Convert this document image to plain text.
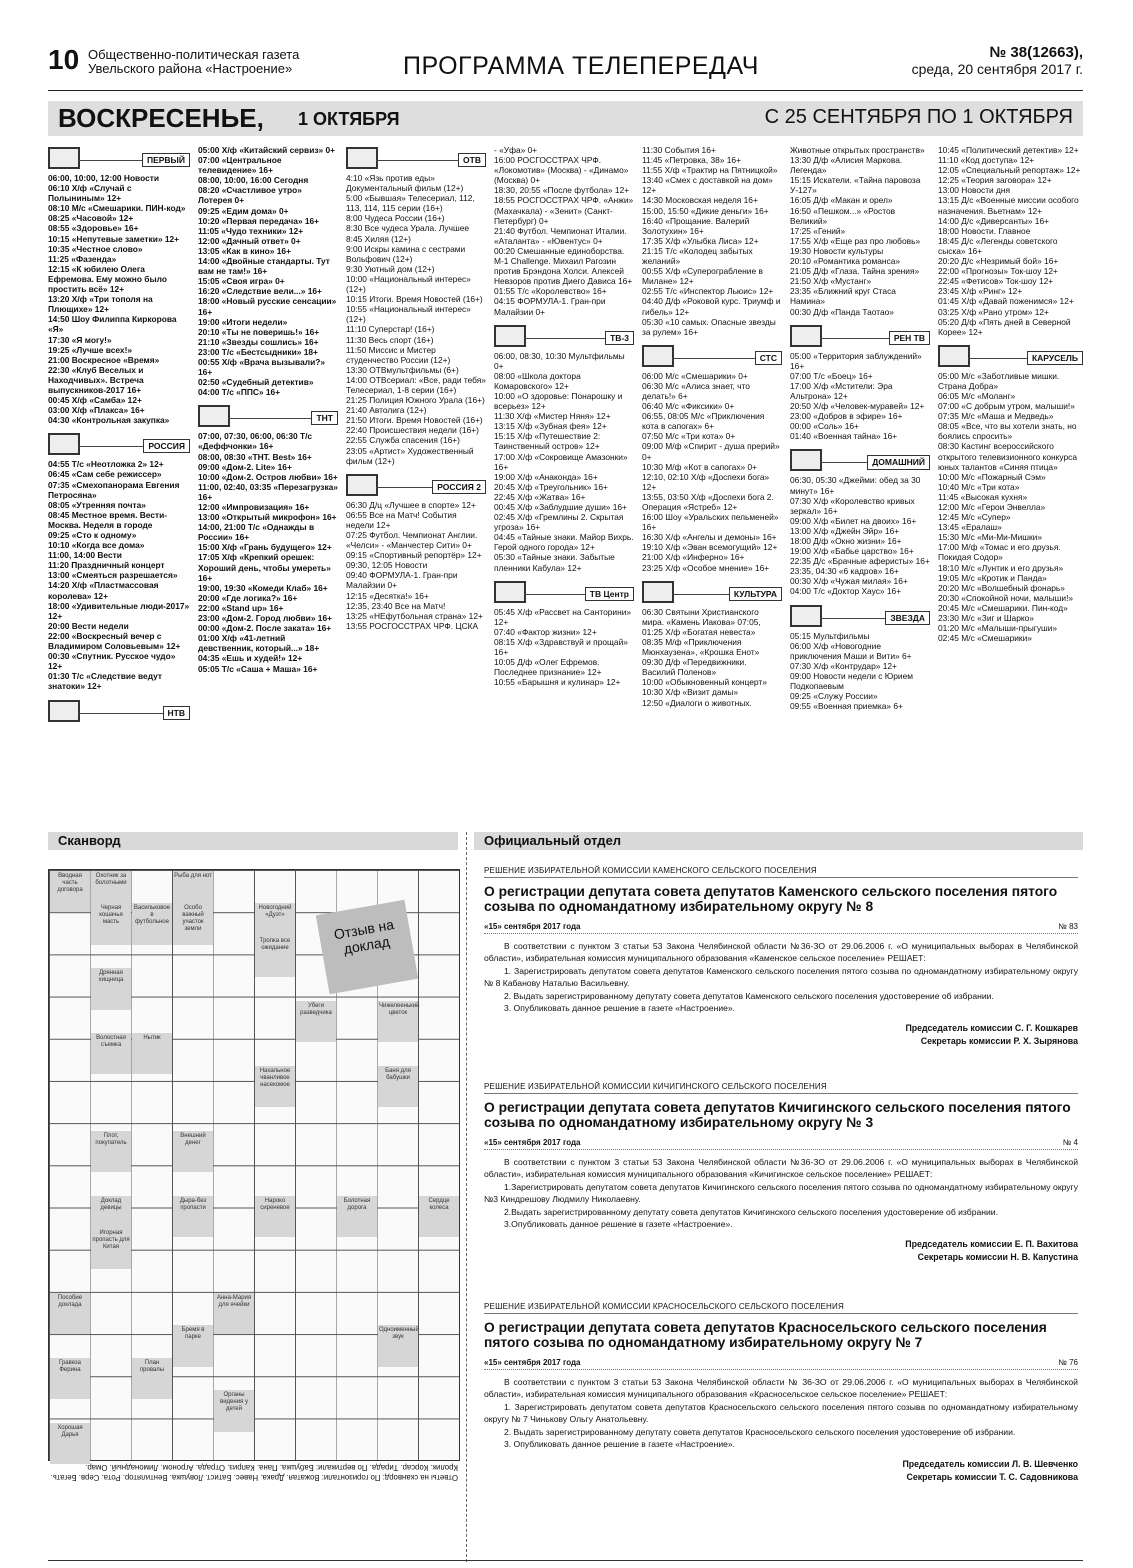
10 Общественно-политическая газета
Увельского района «Настроение»	ПРОГРАММА ТЕЛЕПЕРЕДАЧ	№ 38(12663),
среда, 20 сентября 2017 г.
ВОСКРЕСЕНЬЕ, 1 ОКТЯБРЯ	С 25 СЕНТЯБРЯ ПО 1 ОКТЯБРЯ
ПЕРВЫЙ
06:00, 10:00, 12:00 Новости
06:10 Х/ф «Случай с Полыниным» 12+
08:10 М/с «Смешарики. ПИН-код»
08:25 «Часовой» 12+
08:55 «Здоровье» 16+
10:15 «Непутевые заметки» 12+
10:35 «Честное слово»
11:25 «Фазенда»
12:15 «К юбилею Олега Ефремова. Ему можно было простить всё» 12+
13:20 Х/ф «Три тополя на Плющихе» 12+
14:50 Шоу Филиппа Киркорова «Я»
17:30 «Я могу!»
19:25 «Лучше всех!»
21:00 Воскресное «Время»
22:30 «Клуб Веселых и Находчивых». Встреча выпускников-2017 16+
00:45 Х/ф «Самба» 12+
03:00 Х/ф «Плакса» 16+
04:30 «Контрольная закупка»
РОССИЯ
04:55 Т/с «Неотложка 2» 12+
06:45 «Сам себе режиссер»
07:35 «Смехопанорама Евгения Петросяна»
08:05 «Утренняя почта»
08:45 Местное время. Вести-Москва. Неделя в городе
09:25 «Сто к одному»
10:10 «Когда все дома»
11:00, 14:00 Вести
11:20 Праздничный концерт
13:00 «Смеяться разрешается»
14:20 Х/ф «Пластмассовая королева» 12+
18:00 «Удивительные люди-2017» 12+
20:00 Вести недели
22:00 «Воскресный вечер с Владимиром Соловьевым» 12+
00:30 «Спутник. Русское чудо» 12+
01:30 Т/с «Следствие ведут знатоки» 12+
НТВ
05:00 Х/ф «Китайский сервиз» 0+
07:00 «Центральное телевидение» 16+
08:00, 10:00, 16:00 Сегодня
08:20 «Счастливое утро» Лотерея 0+
09:25 «Едим дома» 0+
10:20 «Первая передача» 16+
11:05 «Чудо техники» 12+
12:00 «Дачный ответ» 0+
13:05 «Как в кино» 16+
14:00 «Двойные стандарты. Тут вам не там!» 16+
15:05 «Своя игра» 0+
16:20 «Следствие вели...» 16+
18:00 «Новый русские сенсации» 16+
19:00 «Итоги недели»
20:10 «Ты не поверишь!» 16+
21:10 «Звезды сошлись» 16+
23:00 Т/с «Бестсыдники» 18+
00:55 Х/ф «Врача вызывали?» 16+
02:50 «Судебный детектив»
04:00 Т/с «ППС» 16+
ТНТ
07:00, 07:30, 06:00, 06:30 Т/с «Деффчонки» 16+
08:00, 08:30 «ТНТ. Best» 16+
09:00 «Дом-2. Lite» 16+
10:00 «Дом-2. Остров любви» 16+
11:00, 02:40, 03:35 «Перезагрузка» 16+
12:00 «Импровизация» 16+
13:00 «Открытый микрофон» 16+
14:00, 21:00 Т/с «Однажды в России» 16+
15:00 Х/ф «Грань будущего» 12+
17:05 Х/ф «Крепкий орешек: Хороший день, чтобы умереть» 16+
19:00, 19:30 «Комеди Клаб» 16+
20:00 «Где логика?» 16+
22:00 «Stand up» 16+
23:00 «Дом-2. Город любви» 16+
00:00 «Дом-2. После заката» 16+
01:00 Х/ф «41-летний девственник, который...» 18+
04:35 «Ешь и худей!» 12+
05:05 Т/с «Саша + Маша» 16+
ОТВ
4:10 «Язь против еды» Документальный фильм (12+)
5:00 «Бывшая» Телесериал, 112, 113, 114, 115 серии (16+)
8:00 Чудеса России (16+)
8:30 Все чудеса Урала. Лучшее
8:45 Хиляя (12+)
9:00 Искры камина с сестрами Вольфович (12+)
9:30 Уютный дом (12+)
10:00 «Национальный интерес» (12+)
10:15 Итоги. Время Новостей (16+)
10:55 «Национальный интерес» (12+)
11:10 Суперстар! (16+)
11:30 Весь спорт (16+)
11:50 Миссис и Мистер студенчество России (12+)
13:30 ОТВмультфильмы (6+)
14:00 ОТВсериал: «Все, ради тебя» Телесериал, 1-8 серии (16+)
21:25 Полиция Южного Урала (16+)
21:40 Автолига (12+)
21:50 Итоги. Время Новостей (16+)
22:40 Происшествия недели (16+)
22:55 Служба спасения (16+)
23:05 «Артист» Художественный фильм (12+)
РОССИЯ 2
06:30 Д/ц «Лучшее в спорте» 12+
06:55 Все на Матч! События недели 12+
07:25 Футбол. Чемпионат Англии. «Челси» - «Манчестер Сити» 0+
09:15 «Спортивный репортёр» 12+
09:30, 12:05 Новости
09:40 ФОРМУЛА-1. Гран-при Малайзии 0+
12:15 «Десятка!» 16+
12:35, 23:40 Все на Матч!
13:25 «НЕфутбольная страна» 12+
13:55 РОСГОССТРАХ ЧРФ. ЦСКА
- «Уфа» 0+
16:00 РОСГОССТРАХ ЧРФ. «Локомотив» (Москва) - «Динамо» (Москва) 0+
18:30, 20:55 «После футбола» 12+
18:55 РОСГОССТРАХ ЧРФ. «Анжи» (Махачкала) - «Зенит» (Санкт-Петербург) 0+
21:40 Футбол. Чемпионат Италии. «Аталанта» - «Ювентус» 0+
00:20 Смешанные единоборства. М-1 Challenge. Михаил Рагозин против Брэндона Холси. Алексей Невзоров против Диего Дависа 16+
01:55 Т/с «Королевство» 16+
04:15 ФОРМУЛА-1. Гран-при Малайзии 0+
ТВ-3
06:00, 08:30, 10:30 Мультфильмы 0+
08:00 «Школа доктора Комаровского» 12+
10:00 «О здоровье: Понарошку и всерьез» 12+
11:30 Х/ф «Мистер Няня» 12+
13:15 Х/ф «Зубная фея» 12+
15:15 Х/ф «Путешествие 2: Таинственный остров» 12+
17:00 Х/ф «Сокровище Амазонки» 16+
19:00 Х/ф «Анаконда» 16+
20:45 Х/ф «Треугольник» 16+
22:45 Х/ф «Жатва» 16+
00:45 Х/ф «Заблудшие души» 16+
02:45 Х/ф «Гремлины 2. Скрытая угроза» 16+
04:45 «Тайные знаки. Майор Вихрь. Герой одного города» 12+
05:30 «Тайные знаки. Забытые пленники Кабула» 12+
ТВ Центр
05:45 Х/ф «Рассвет на Санторини» 12+
07:40 «Фактор жизни» 12+
08:15 Х/ф «Здравствуй и прощай» 16+
10:05 Д/ф «Олег Ефремов. Последнее признание» 12+
10:55 «Барышня и кулинар» 12+
11:30 События 16+
11:45 «Петровка, 38» 16+
11:55 Х/ф «Трактир на Пятницкой»
13:40 «Смех с доставкой на дом» 12+
14:30 Московская неделя 16+
15:00, 15:50 «Дикие деньги» 16+
16:40 «Прощание. Валерий Золотухин» 16+
17:35 Х/ф «Улыбка Лиса» 12+
21:15 Т/с «Колодец забытых желаний»
00:55 Х/ф «Суперограбление в Милане» 12+
02:55 Т/с «Инспектор Льюис» 12+
04:40 Д/ф «Роковой курс. Триумф и гибель» 12+
05:30 «10 самых. Опасные звезды за рулем» 16+
СТС
06:00 М/с «Смешарики» 0+
06:30 М/с «Алиса знает, что делать!» 6+
06:40 М/с «Фиксики» 0+
06:55, 08:05 М/с «Приключения кота в сапогах» 6+
07:50 М/с «Три кота» 0+
09:00 М/ф «Спирит - душа прерий» 0+
10:30 М/ф «Кот в сапогах» 0+
12:10, 02:10 Х/ф «Доспехи бога» 12+
13:55, 03:50 Х/ф «Доспехи бога 2. Операция «Ястреб» 12+
16:00 Шоу «Уральских пельменей» 16+
16:30 Х/ф «Ангелы и демоны» 16+
19:10 Х/ф «Эван всемогущий» 12+
21:00 Х/ф «Инферно» 16+
23:25 Х/ф «Особое мнение» 16+
КУЛЬТУРА
06:30 Святыни Христианского мира. «Камень Иакова» 07:05, 01:25 Х/ф «Богатая невеста»
08:35 М/ф «Приключения Мюнхаузена», «Крошка Енот»
09:30 Д/ф «Передвижники. Василий Поленов»
10:00 «Обыкновенный концерт»
10:30 Х/ф «Визит дамы»
12:50 «Диалоги о животных.
Животные открытых пространств»
13:30 Д/ф «Алисия Маркова. Легенда»
15:15 Искатели. «Тайна паровоза У-127»
16:05 Д/ф «Макан и орел»
16:50 «Пешком...» «Ростов Великий»
17:25 «Гений»
17:55 Х/ф «Еще раз про любовь»
19:30 Новости культуры
20:10 «Романтика романса»
21:05 Д/ф «Глаза. Тайна зрения»
21:50 Х/ф «Мустанг»
23:35 «Ближний круг Стаса Намина»
00:30 Д/ф «Панда Таотао»
РЕН ТВ
05:00 «Территория заблуждений» 16+
07:00 Т/с «Боец» 16+
17:00 Х/ф «Мстители: Эра Альтрона» 12+
20:50 Х/ф «Человек-муравей» 12+
23:00 «Добров в эфире» 16+
00:00 «Соль» 16+
01:40 «Военная тайна» 16+
ДОМАШНИЙ
06:30, 05:30 «Джейми: обед за 30 минут» 16+
07:30 Х/ф «Королевство кривых зеркал» 16+
09:00 Х/ф «Билет на двоих» 16+
13:00 Х/ф «Джейн Эйр» 16+
18:00 Д/ф «Окно жизни» 16+
19:00 Х/ф «Бабье царство» 16+
22:35 Д/с «Брачные аферисты» 16+
23:35, 04:30 «6 кадров» 16+
00:30 Х/ф «Чужая милая» 16+
04:00 Т/с «Доктор Хаус» 16+
ЗВЕЗДА
05:15 Мультфильмы
06:00 Х/ф «Новогодние приключения Маши и Вити» 6+
07:30 Х/ф «Контрудар» 12+
09:00 Новости недели с Юрием Подкопаевым
09:25 «Служу России»
09:55 «Военная приемка» 6+
10:45 «Политический детектив» 12+
11:10 «Код доступа» 12+
12:05 «Специальный репортаж» 12+
12:25 «Теория заговора» 12+
13:00 Новости дня
13:15 Д/с «Военные миссии особого назначения. Вьетнам» 12+
14:00 Д/с «Диверсанты» 16+
18:00 Новости. Главное
18:45 Д/с «Легенды советского сыска» 16+
20:20 Д/с «Незримый бой» 16+
22:00 «Прогнозы» Ток-шоу 12+
22:45 «Фетисов» Ток-шоу 12+
23:45 Х/ф «Ринг» 12+
01:45 Х/ф «Давай поженимся» 12+
03:25 Х/ф «Рано утром» 12+
05:20 Д/ф «Пять дней в Северной Корее» 12+
КАРУСЕЛЬ
05:00 М/с «Заботливые мишки. Страна Добра»
06:05 М/с «Моланг»
07:00 «С добрым утром, малыши!»
07:35 М/с «Маша и Медведь»
08:05 «Все, что вы хотели знать, но боялись спросить»
08:30 Кастинг всероссийского открытого телевизионного конкурса юных талантов «Синяя птица»
10:00 М/с «Пожарный Сэм»
10:40 М/с «Три кота»
11:45 «Высокая кухня»
12:00 М/с «Герои Энвелла»
12:45 М/с «Супер»
13:45 «Ералаш»
15:30 М/с «Ми-Ми-Мишки»
17:00 М/ф «Томас и его друзья. Покидая Содор»
18:10 М/с «Лунтик и его друзья»
19:05 М/с «Кротик и Панда»
20:20 М/с «Волшебный фонарь»
20:30 «Спокойной ночи, малыши!»
20:45 М/с «Смешарики. Пин-код»
23:30 М/с «Зиг и Шарко»
01:20 М/с «Малыши-прыгуши»
02:45 М/с «Смешарики»
Сканворд	Официальный отдел
Вводная часть договора
Охотник за болотными
Рыба для нот
Особо важный участок земли
Черная кошачья масть
Васильковое в футбольное
Новогодний «Дуэт»
Тропка все ожидание
Дрянная хищница
Убеги разведчика
Чижелеенький цветок
Волостная съемка
Нытик
Нахальное чванливое насекомое
Баня для бабушки
Плот, покупатель
Внешний денег
Доклад девицы
Дыра-без пропасти
Нароко сиреневое
Болотная дорога
Сердце колеса
Игорная пропасть для Китая
Пособие доклада
Анна-Мария для ячейки
Бремя в парке
Одноименный звук
Гравеза Ферина
План провалы
Органы видения у детей
Хорошая Дарья
Отзыв на доклад
Ответы на сканворд: По горизонтали: Вожатая. Драка. Навес. Батист. Ловушка. Вентилятор. Рота. Серв. Бегать. Кролик. Корсар. Тирада. По вертикали: Бабушка. Пана. Каприз. Отрада. Агроном. Лимонадный. Омар.
РЕШЕНИЕ ИЗБИРАТЕЛЬНОЙ КОМИССИИ КАМЕНСКОГО СЕЛЬСКОГО ПОСЕЛЕНИЯ
О регистрации депутата совета депутатов Каменского сельского поселения пятого созыва по одномандатному избирательному округу № 8
«15» сентября 2017 года	№ 83

В соответствии с пунктом 3 статьи 53 Закона Челябинской области №36-ЗО от 29.06.2006 г. «О муниципальных выборах в Челябинской области», избирательная комиссия муниципального образования «Каменское сельское поселение» РЕШАЕТ:

1. Зарегистрировать депутатом совета депутатов Каменского сельского поселения пятого созыва по одномандатному избирательному округу № 8 Кабанову Наталью Васильевну.

2. Выдать зарегистрированному депутату совета депутатов Каменского сельского поселения удостоверение об избрании.

3. Опубликовать данное решение в газете «Настроение».

Председатель комиссии С. Г. Кошкарев
Секретарь комиссии Р. Х. Зырянова
РЕШЕНИЕ ИЗБИРАТЕЛЬНОЙ КОМИССИИ КИЧИГИНСКОГО СЕЛЬСКОГО ПОСЕЛЕНИЯ
О регистрации депутата совета депутатов Кичигинского сельского поселения пятого созыва по одномандатному избирательному округу № 3
«15» сентября 2017 года	№ 4

В соответствии с пунктом 3 статьи 53 Закона Челябинской области №36-ЗО от 29.06.2006 г. «О муниципальных выборах в Челябинской области», избирательная комиссия муниципального образования «Кичигинское сельское поселение» РЕШАЕТ:

1.Зарегистрировать депутатом совета депутатов Кичигинского сельского поселения пятого созыва по одномандатному избирательному округу №3 Киндрешову Людмилу Николаевну.

2.Выдать зарегистрированному депутату совета депутатов Кичигинского сельского поселения удостоверение об избрании.

3.Опубликовать данное решение в газете «Настроение».

Председатель комиссии Е. П. Вахитова
Секретарь комиссии Н. В. Капустина
РЕШЕНИЕ ИЗБИРАТЕЛЬНОЙ КОМИССИИ КРАСНОСЕЛЬСКОГО СЕЛЬСКОГО ПОСЕЛЕНИЯ
О регистрации депутата совета депутатов Красносельского сельского поселения пятого созыва по одномандатному избирательному округу № 7
«15» сентября 2017 года	№ 76

В соответствии с пунктом 3 статьи 53 Закона Челябинской области № 36-ЗО от 29.06.2006 г. «О муниципальных выборах в Челябинской области», избирательная комиссия муниципального образования «Красносельское сельское поселение» РЕШАЕТ:

1. Зарегистрировать депутатом совета депутатов Красносельского сельского поселения пятого созыва по одномандатному избирательному округу № 7 Чинькову Ольгу Анатольевну.

2. Выдать зарегистрированному депутату совета депутатов Красносельского сельского поселения удостоверение об избрании.

3. Опубликовать данное решение в газете «Настроение».

Председатель комиссии Л. В. Шевченко
Секретарь комиссии Т. С. Садовникова
